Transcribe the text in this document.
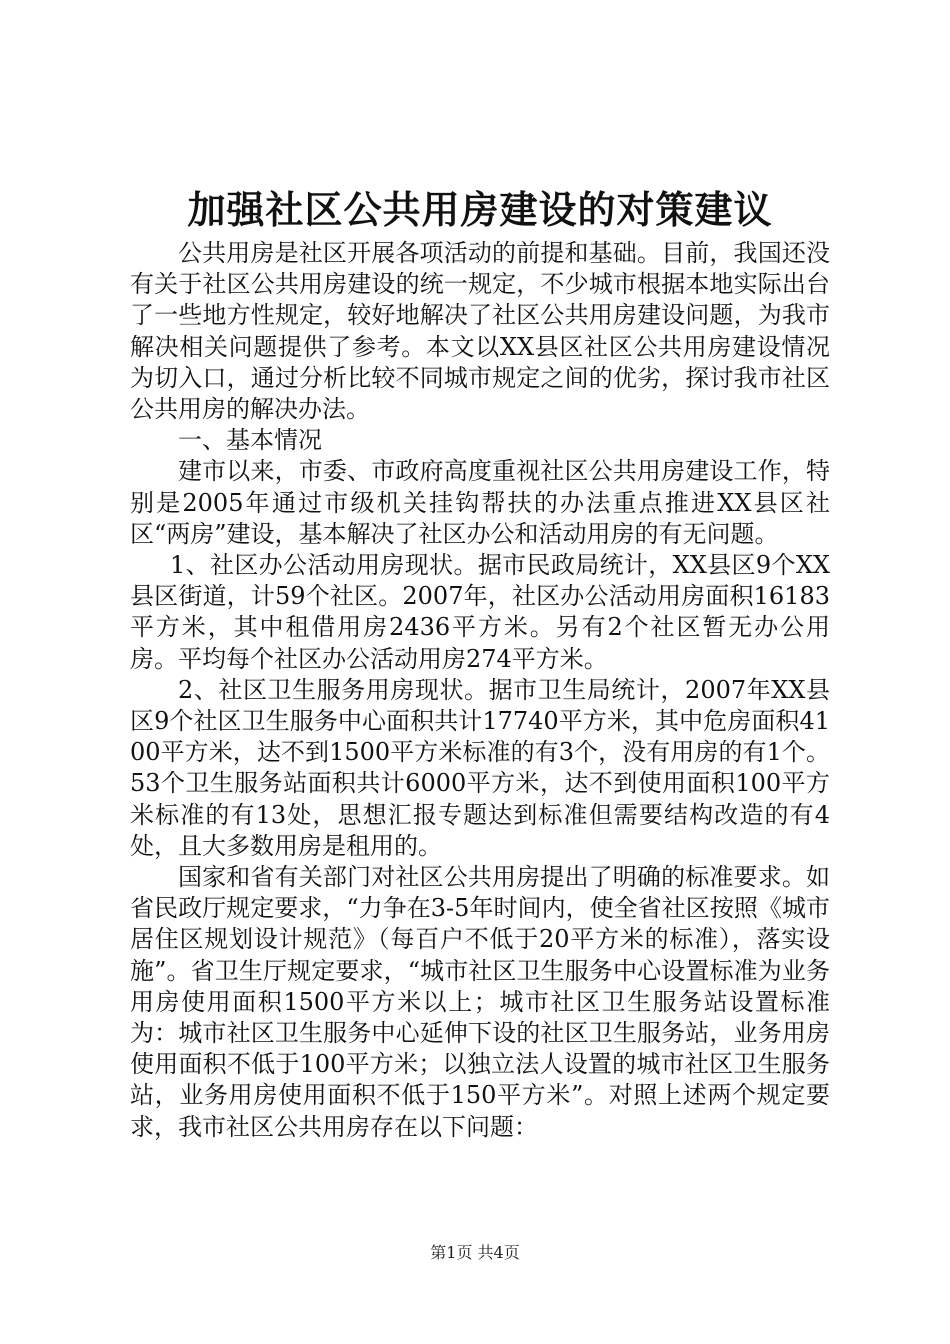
加强社区公共用房建设的对策建议

公共用房是社区开展各项活动的前提和基础。目前，我国还没有关于社区公共用房建设的统一规定，不少城市根据本地实际出台了一些地方性规定，较好地解决了社区公共用房建设问题，为我市解决相关问题提供了参考。本文以XX县区社区公共用房建设情况为切入口，通过分析比较不同城市规定之间的优劣，探讨我市社区公共用房的解决办法。

一、基本情况

建市以来，市委、市政府高度重视社区公共用房建设工作，特别是2005年通过市级机关挂钩帮扶的办法重点推进XX县区社区“两房”建设，基本解决了社区办公和活动用房的有无问题。

1、社区办公活动用房现状。据市民政局统计，XX县区9个XX县区街道，计59个社区。2007年，社区办公活动用房面积16183平方米，其中租借用房2436平方米。另有2个社区暂无办公用房。平均每个社区办公活动用房274平方米。

2、社区卫生服务用房现状。据市卫生局统计，2007年XX县区9个社区卫生服务中心面积共计17740平方米，其中危房面积4100平方米，达不到1500平方米标准的有3个，没有用房的有1个。53个卫生服务站面积共计6000平方米，达不到使用面积100平方米标准的有13处，思想汇报专题达到标准但需要结构改造的有4处，且大多数用房是租用的。

国家和省有关部门对社区公共用房提出了明确的标准要求。如省民政厅规定要求，“力争在3-5年时间内，使全省社区按照《城市居住区规划设计规范》（每百户不低于20平方米的标准），落实设施”。省卫生厅规定要求，“城市社区卫生服务中心设置标准为业务用房使用面积1500平方米以上；城市社区卫生服务站设置标准为：城市社区卫生服务中心延伸下设的社区卫生服务站，业务用房使用面积不低于100平方米；以独立法人设置的城市社区卫生服务站，业务用房使用面积不低于150平方米”。对照上述两个规定要求，我市社区公共用房存在以下问题：

第1页 共4页
